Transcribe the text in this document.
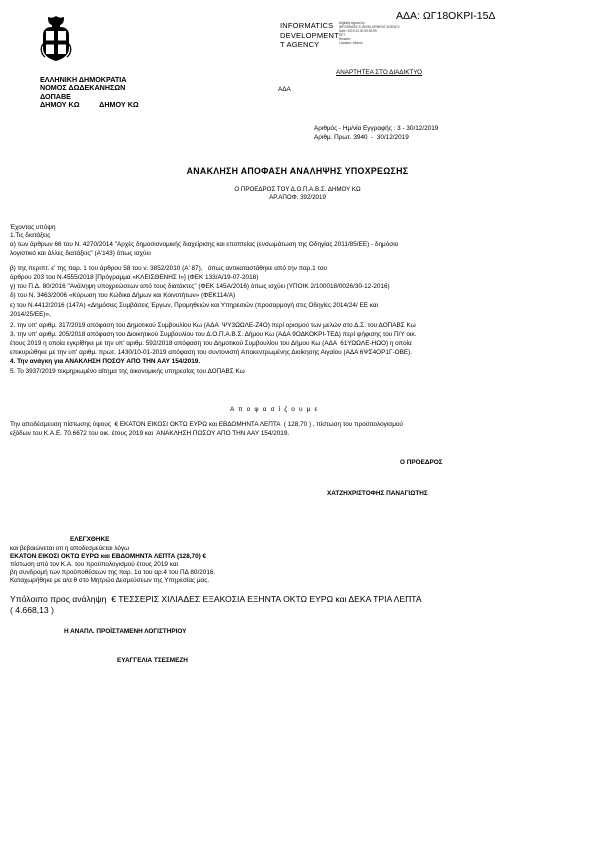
ΑΔΑ: ΩΓ18ΟΚΡΙ-15Δ
INFORMATICS
DEVELOPMENT
T AGENCY
Digitally signed by
INFORMATICS DEVELOPMENT AGENCY
Date: 2019.12.30 09:09:59
EET
Reason:
Location: Athens
ΑΝΑΡΤΗΤΕΑ ΣΤΟ ΔΙΑΔΙΚΤΥΟ
ΕΛΛΗΝΙΚΗ ΔΗΜΟΚΡΑΤΙΑ
ΝΟΜΟΣ ΔΩΔΕΚΑΝΗΣΩΝ
ΔΟΠΑΒΕ
ΔΗΜΟΥ ΚΩ          ΔΗΜΟΥ ΚΩ
ΑΔΑ
Αριθμός - Ημ/νία Εγγραφής : 3 - 30/12/2019
Αριθμ. Πρωτ. 3940  -  30/12/2019
ΑΝΑΚΛΗΣΗ ΑΠΟΦΑΣΗ ΑΝΑΛΗΨΗΣ ΥΠΟΧΡΕΩΣΗΣ
Ο ΠΡΟΕΔΡΟΣ ΤΟΥ Δ.Ο.Π.Α.Β.Σ. ΔΗΜΟΥ ΚΩ
ΑΡ.ΑΠΟΦ. 392/2019
Έχοντας υπόψη
1.Τις διατάξεις
α) των άρθρων 66 του Ν. 4270/2014 "Αρχές δημοσιονομικής διαχείρισης και εποπτείας (ενσωμάτωση της Οδηγίας 2011/85/ΕΕ) - δημόσιο
λογιστικό και άλλες διατάξεις" (Α'143) όπως ισχύει
β) της περιπτ. ε' της παρ. 1 του άρθρου 58 του ν. 3852/2010 (Α' 87),   όπως αντικαταστάθηκε από την παρ.1 του
άρθρου 203 του Ν.4555/2018 [Πρόγραμμα «ΚΛΕΙΣΘΕΝΗΣ Ι»] (ΦΕΚ 133/Α/19-07-2018)
γ) του Π.Δ. 80/2016 "Ανάληψη υποχρεώσεων από τους διατάκτες" (ΦΕΚ 145Α/2016) όπως ισχύει (ΥΠΟΙΚ 2/100018/0026/30-12-2016)
δ) του Ν. 3463/2006 «Κύρωση του Κώδικα Δήμων και Κοινοτήτων» (ΦΕΚ114/Α)
ε) του Ν.4412/2016 (147Α) «Δημόσιες Συμβάσεις Έργων, Προμηθειών και Υπηρεσιών (προσαρμογή στις Οδηγίες 2014/24/ ΕΕ και
2014/25/ΕΕ)»,
2. την υπ' αριθμ. 317/2019 απόφαση του Δημοτικού Συμβουλίου Κω (ΑΔΑ  ΨΥ3ΩΩΛΕ-Ζ4Ο) περί ορισμού των μελών στο Δ.Σ. του ΔΟΠΑΒΣ Κω
3. την υπ' αριθμ. 205/2018 απόφαση του Διοικητικού Συμβουλίου του Δ.Ο.Π.Α.Β.Σ. Δήμου Κω (ΑΔΑ 9ΟΔΚΟΚΡΙ-ΤΕΔ) περί ψήφισης του Π/Υ οικ.
έτους 2019 η οποία εγκρίθηκε με την υπ' αριθμ. 592/2018 απόφαση του Δημοτικού Συμβουλίου του Δήμου Κω (ΑΔΑ  61ΥΩΩΛΕ-ΗΩΟ) η οποία
επικυρώθηκε με την υπ' αριθμ. πρωτ. 1430/10-01-2019 απόφαση του συντονιστή Αποκεντρωμένης Διοίκησης Αιγαίου (ΑΔΑ 6ΨΣ4ΟΡ1Γ-ΟΒΕ).
4. Την ανάγκη για ΑΝΑΚΛΗΣΗ ΠΟΣΟΥ ΑΠΟ ΤΗΝ ΑΑΥ 154/2019.
5. Το 3937/2019 τεκμηριωμένο αίτημα της οικονομικής υπηρεσίας του ΔΟΠΑΒΣ Κω
Α π ο φ α σ ί ζ ο υ μ ε
Την αποδέσμευση πίστωσης ύψους  € ΕΚΑΤΟΝ ΕΙΚΟΣΙ ΟΚΤΩ ΕΥΡΩ και ΕΒΔΟΜΗΝΤΑ ΛΕΠΤΑ  ( 128,70 ) , πίστωση του προϋπολογισμού
εξόδων του Κ.Α.Ε. 70.6672 του οικ. έτους 2019 και  ΑΝΑΚΛΗΣΗ ΠΟΣΟΥ ΑΠΟ ΤΗΝ ΑΑΥ 154/2019.
Ο ΠΡΟΕΔΡΟΣ
ΧΑΤΖΗΧΡΙΣΤΟΦΗΣ ΠΑΝΑΓΙΩΤΗΣ
ΕΛΕΓΧΘΗΚΕ
και βεβαιώνεται οτι η αποδεσμεύεται λόγω
ΕΚΑΤΟΝ ΕΙΚΟΣΙ ΟΚΤΩ ΕΥΡΩ και ΕΒΔΟΜΗΝΤΑ ΛΕΠΤΑ (128,70) €
πίστωση από τον Κ.Α. του προϋπολογισμού έτους 2019 και
βη συνδρομή των προϋποθέσεων της παρ. 1α του αρ.4 του ΠΔ 80/2016.
Καταχωρήθηκε με α/α θ στο Μητρώο Δεσμεύσεων της Υπηρεσίας μας.
Υπόλοιπο προς ανάληψη  € ΤΕΣΣΕΡΙΣ ΧΙΛΙΑΔΕΣ ΕΞΑΚΟΣΙΑ ΕΞΗΝΤΑ ΟΚΤΩ ΕΥΡΩ και ΔΕΚΑ ΤΡΙΑ ΛΕΠΤΑ
( 4.668,13 )
Η ΑΝΑΠΛ. ΠΡΟΪΣΤΑΜΕΝΗ ΛΟΓΙΣΤΗΡΙΟΥ
ΕΥΑΓΓΕΛΙΑ ΤΣΕΣΜΕΖΗ
